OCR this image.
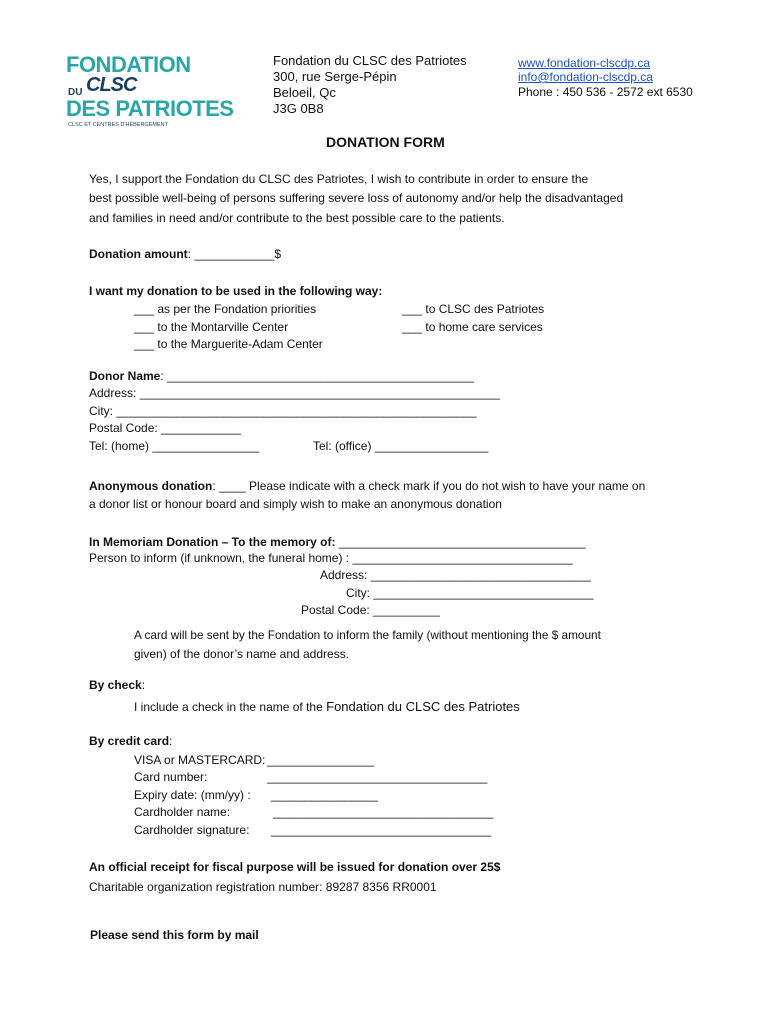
FONDATION
DU CLSC
DES PATRIOTES
CLSC ET CENTRES D'HÉBERGEMENT
Fondation du CLSC des Patriotes
300, rue Serge-Pépin
Beloeil, Qc
J3G 0B8
www.fondation-clscdp.ca
info@fondation-clscdp.ca
Phone : 450 536 - 2572 ext 6530
DONATION FORM
Yes, I support the Fondation du CLSC des Patriotes, I wish to contribute in order to ensure the
best possible well-being of persons suffering severe loss of autonomy and/or help the disadvantaged
and families in need and/or contribute to the best possible care to the patients.
Donation amount: ____________$
I want my donation to be used in the following way:
___ as per the Fondation priorities
___ to the Montarville Center
___ to the Marguerite-Adam Center
___ to CLSC des Patriotes
___ to home care services
Donor Name: ______________________________________________
Address: ______________________________________________________
City: ______________________________________________________
Postal Code: ____________
Tel: (home) ________________	Tel: (office) _________________
Anonymous donation: ____ Please indicate with a check mark if you do not wish to have your name on
a donor list or honour board and simply wish to make an anonymous donation
In Memoriam Donation – To the memory of: _____________________________________
Person to inform (if unknown, the funeral home) : _________________________________
Address: _________________________________
City: _________________________________
Postal Code: __________
A card will be sent by the Fondation to inform the family (without mentioning the $ amount
given) of the donor’s name and address.
By check:
I include a check in the name of the Fondation du CLSC des Patriotes
By credit card:
VISA or MASTERCARD: ________________
Card number:	_________________________________
Expiry date: (mm/yy) : ________________
Cardholder name:	_________________________________
Cardholder signature: _________________________________
An official receipt for fiscal purpose will be issued for donation over 25$
Charitable organization registration number: 89287 8356 RR0001
Please send this form by mail
